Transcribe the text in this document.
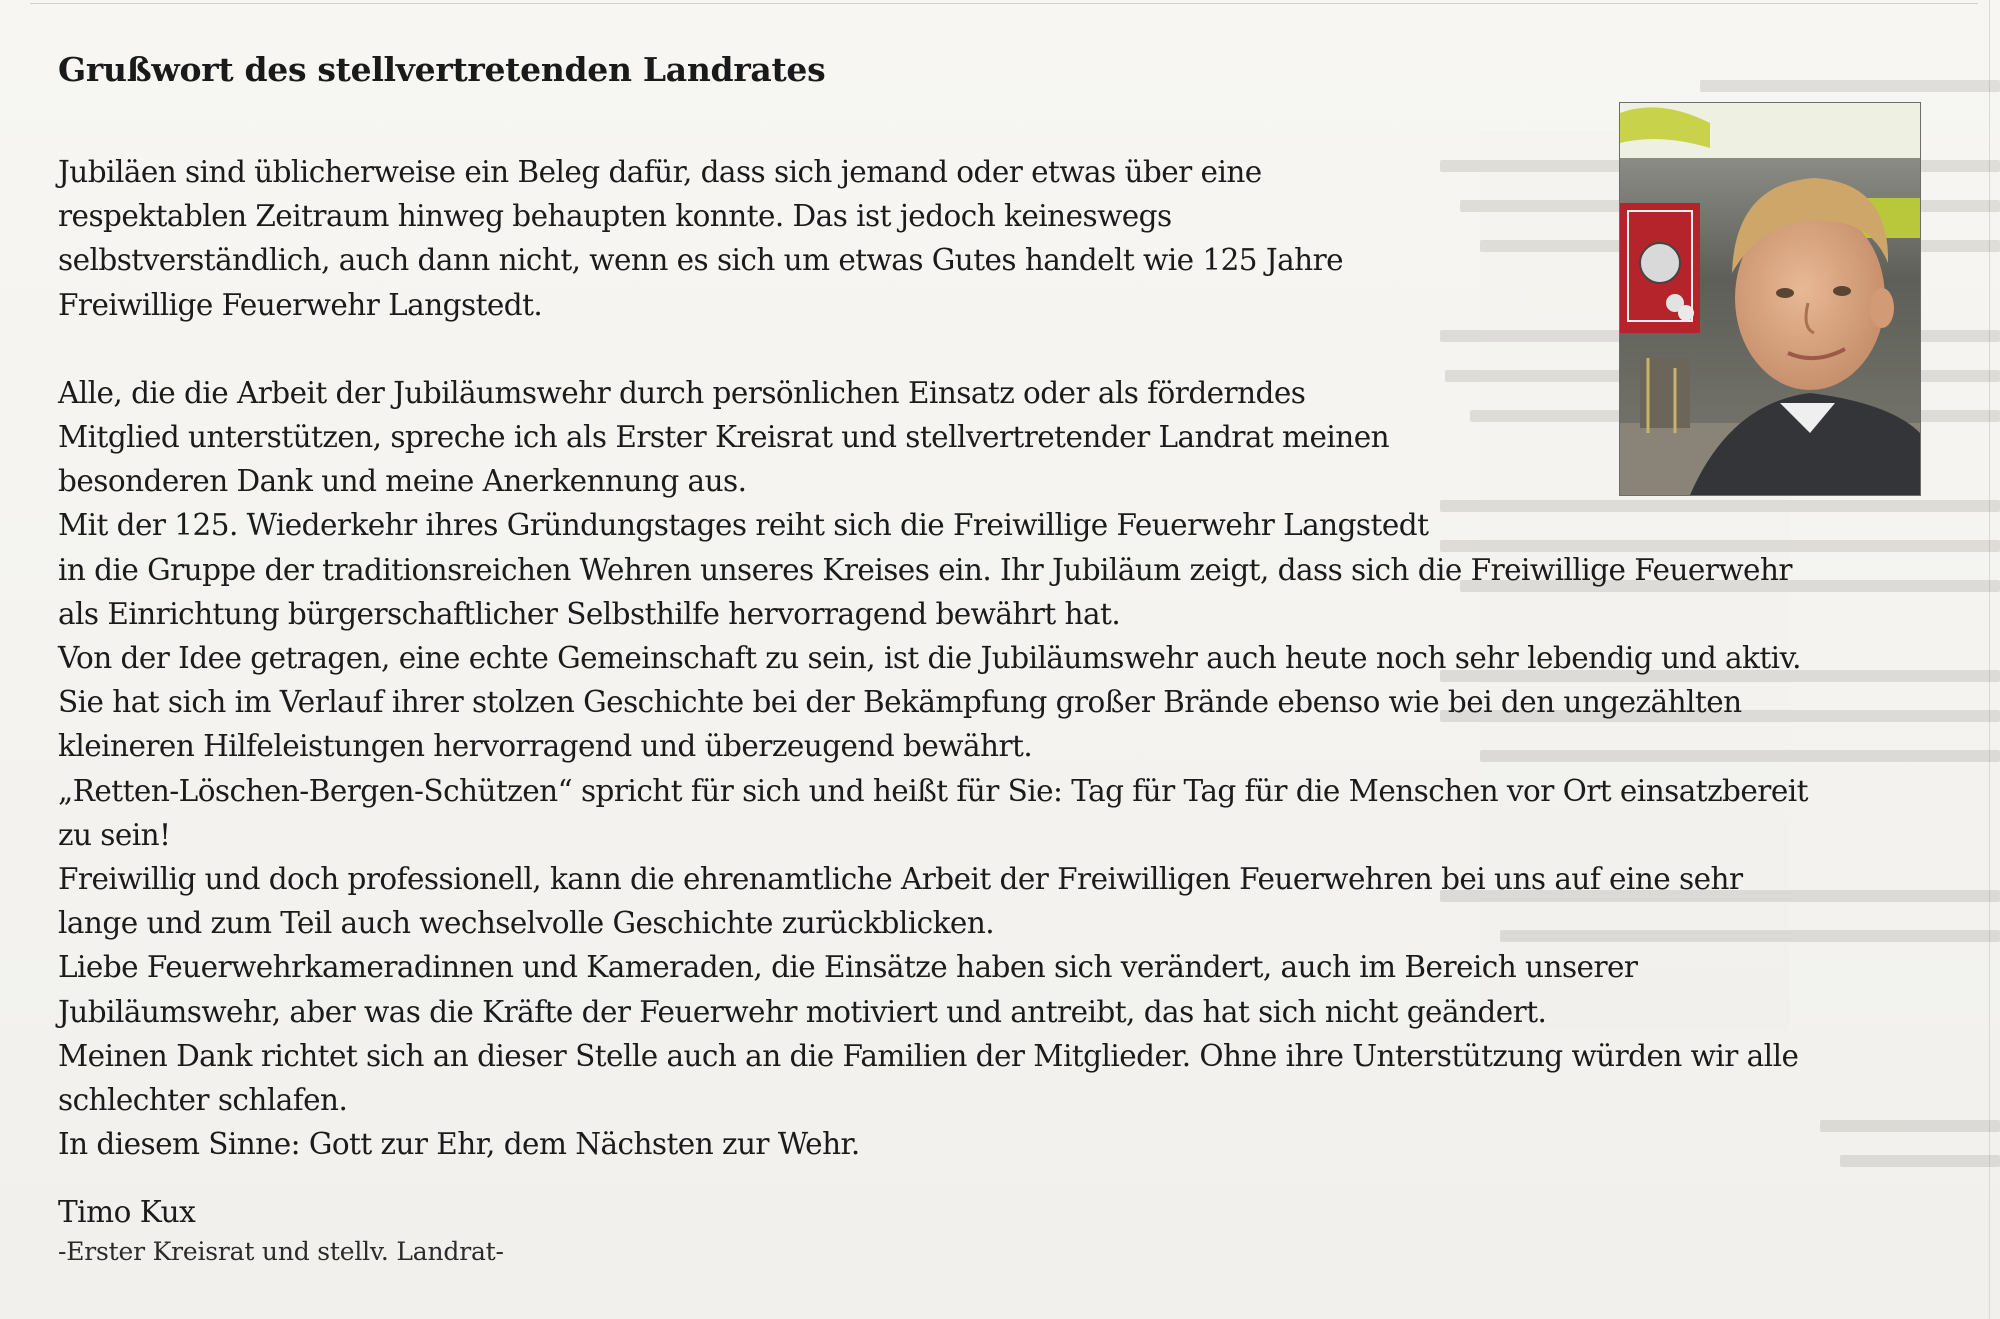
Grußwort des stellvertretenden Landrates
Jubiläen sind üblicherweise ein Beleg dafür, dass sich jemand oder etwas über eine
respektablen Zeitraum hinweg behaupten konnte. Das ist jedoch keineswegs
selbstverständlich, auch dann nicht, wenn es sich um etwas Gutes handelt wie 125 Jahre
Freiwillige Feuerwehr Langstedt.
Alle, die die Arbeit der Jubiläumswehr durch persönlichen Einsatz oder als förderndes
Mitglied unterstützen, spreche ich als Erster Kreisrat und stellvertretender Landrat meinen
besonderen Dank und meine Anerkennung aus.
Mit der 125. Wiederkehr ihres Gründungstages reiht sich die Freiwillige Feuerwehr Langstedt
in die Gruppe der traditionsreichen Wehren unseres Kreises ein. Ihr Jubiläum zeigt, dass sich die Freiwillige Feuerwehr
als Einrichtung bürgerschaftlicher Selbsthilfe hervorragend bewährt hat.
Von der Idee getragen, eine echte Gemeinschaft zu sein, ist die Jubiläumswehr auch heute noch sehr lebendig und aktiv.
Sie hat sich im Verlauf ihrer stolzen Geschichte bei der Bekämpfung großer Brände ebenso wie bei den ungezählten
kleineren Hilfeleistungen hervorragend und überzeugend bewährt.
„Retten-Löschen-Bergen-Schützen“ spricht für sich und heißt für Sie: Tag für Tag für die Menschen vor Ort einsatzbereit
zu sein!
Freiwillig und doch professionell, kann die ehrenamtliche Arbeit der Freiwilligen Feuerwehren bei uns auf eine sehr
lange und zum Teil auch wechselvolle Geschichte zurückblicken.
Liebe Feuerwehrkameradinnen und Kameraden, die Einsätze haben sich verändert, auch im Bereich unserer
Jubiläumswehr, aber was die Kräfte der Feuerwehr motiviert und antreibt, das hat sich nicht geändert.
Meinen Dank richtet sich an dieser Stelle auch an die Familien der Mitglieder. Ohne ihre Unterstützung würden wir alle
schlechter schlafen.
In diesem Sinne: Gott zur Ehr, dem Nächsten zur Wehr.
Timo Kux
-Erster Kreisrat und stellv. Landrat-
